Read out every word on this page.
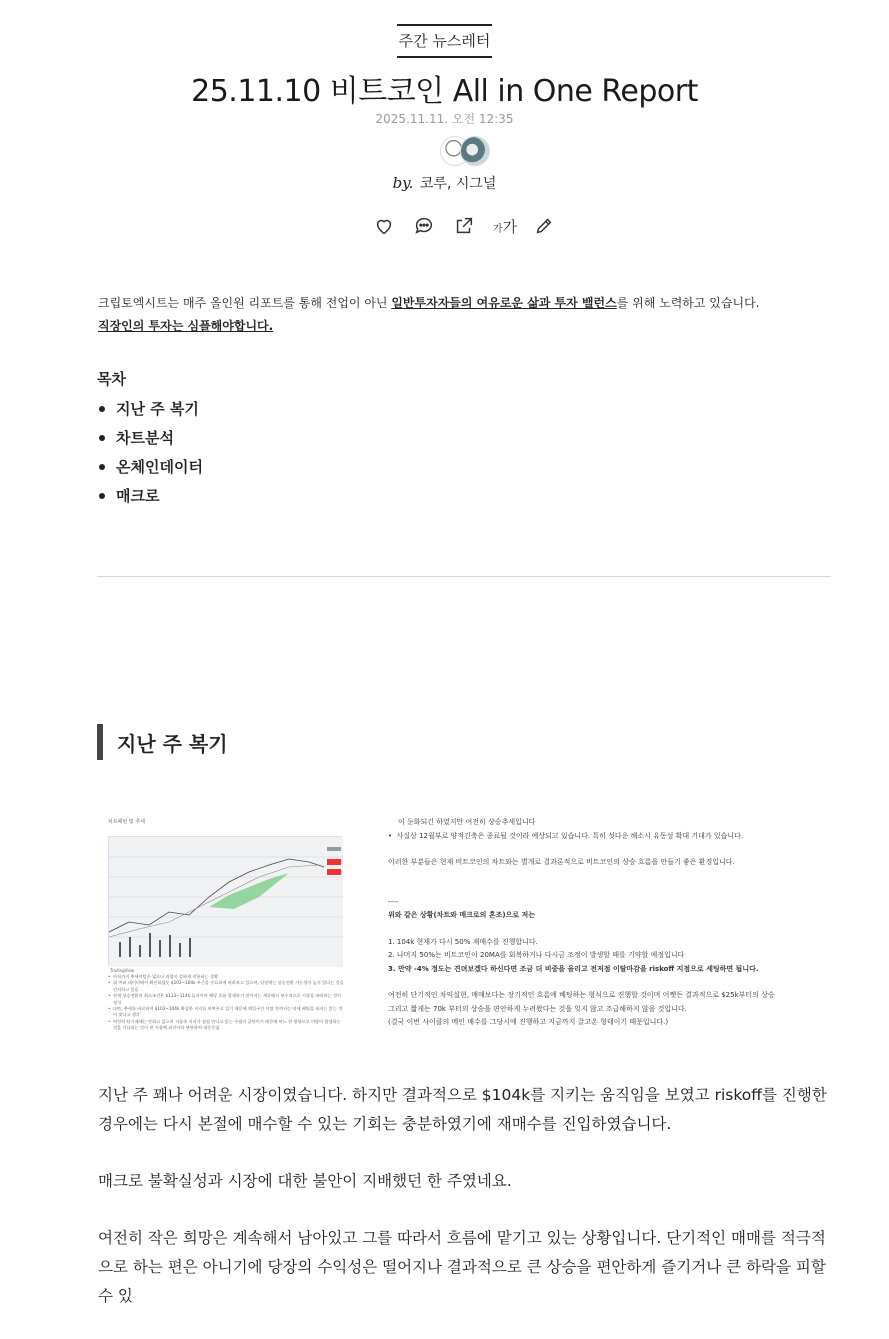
주간 뉴스레터
25.11.10 비트코인 All in One Report
2025.11.11. 오전 12:35
by. 코루, 시그널
가가
크립토엑시트는 매주 올인원 리포트를 통해 전업이 아닌 일반투자자들의 여유로운 삶과 투자 밸런스를 위해 노력하고 있습니다.
직장인의 투자는 심플해야합니다.
목차
지난 주 복기
차트분석
온체인데이터
매크로
지난 주 복기
차트패턴 및 추세
TradingView
• 아직까지 추세이탈은 없으나 과열이 강하게 작용하는 상황
• 위 여러 데이터에서 확인하였듯 $103~104k 부근을 중요하게 바라보고 있으며, 당장에는 상승전환 가능성이 높지 않다는 것을 인지하고 있음
• 현재 상승전환의 최소조건은 $113~114k 돌파이며 해당 흐름 발생하기 전까지는 계속해서 보수적으로 시장을 바라보는 것이 정석
• 다만, 추세를 바로하며 $103~104k 확실한 지지를 보여주고 있기 때문에 매입구간 이탈 전까지는 약세 베팅을 하지는 않는 것이 맞다고 생각
• 여전히 단기매매는 안하고 있으며 저항과 지지가 점점 만나고 있는 수렴의 끝단이기 때문에 어느 한 방향으로 이탈이 발생하는 것을 기다리는 것이 현 시점에 최선이라 판단하여 대응중임

이 둔화되긴 하였지만 여전히 상승추세입니다

•  사실상 12월부로 양적긴축은 종료될 것이라 예상되고 있습니다. 특히 섯다운 해소시 유동성 확대 기대가 있습니다.

이러한 부분들은 현재 비트코인의 차트와는 별개로 결과론적으로 비트코인의 상승 흐름을 만들기 좋은 환경입니다.

----

위와 같은 상황(차트와 매크로의 혼조)으로 저는

1. 104k 현재가 다시 50% 재매수를 진행합니다.

2. 나머지 50%는 비트코인이 20MA를 회복하거나 다시금 조정이 발생할 때를 기약할 예정입니다

3. 만약 -4% 정도는 견뎌보겠다 하신다면 조금 더 비중을 올리고 전저점 이탈마감을 riskoff 지점으로 세팅하면 됩니다.

여전히 단기적인 차익실현, 매매보다는 장기적인 흐름에 베팅하는 형식으로 진행할 것이며 어쨋든 결과적으로 $25k부터의 상승

그리고 짧게는 70k 부터의 상승을 편안하게 누려왔다는 것을 잊지 않고 조급해하지 않을 것입니다.

(결국 이번 사이클의 메인 매수를 그당시에 진행하고 지금까지 끌고온 형태이기 때문입니다.)

지난 주 꽤나 어려운 시장이였습니다. 하지만 결과적으로 $104k를 지키는 움직임을 보였고 riskoff를 진행한 경우에는 다시 본절에 매수할 수 있는 기회는 충분하였기에 재매수를 진입하였습니다.

매크로 불확실성과 시장에 대한 불안이 지배했던 한 주였네요.

여전히 작은 희망은 계속해서 남아있고 그를 따라서 흐름에 맡기고 있는 상황입니다. 단기적인 매매를 적극적으로 하는 편은 아니기에 당장의 수익성은 떨어지나 결과적으로 큰 상승을 편안하게 즐기거나 큰 하락을 피할 수 있
